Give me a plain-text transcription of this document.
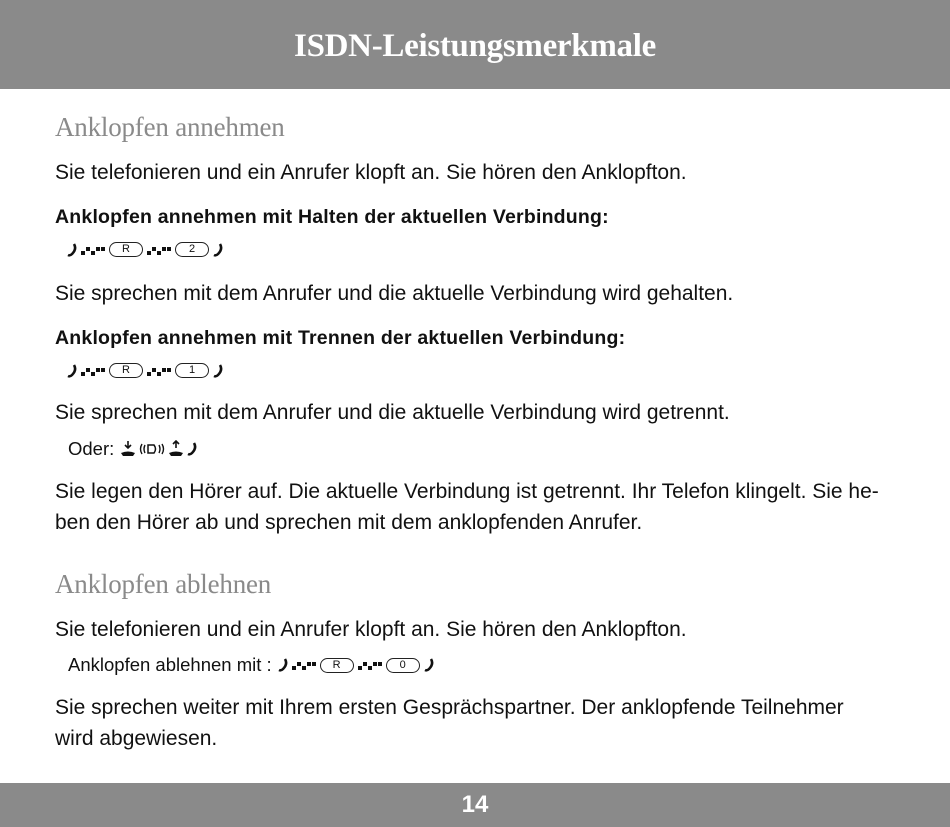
ISDN-Leistungsmerkmale
Anklopfen annehmen
Sie telefonieren und ein Anrufer klopft an. Sie hören den Anklopfton.
Anklopfen annehmen mit Halten der aktuellen Verbindung:
R	2
Sie sprechen mit dem Anrufer und die aktuelle Verbindung wird gehalten.
Anklopfen annehmen mit Trennen der aktuellen Verbindung:
R	1
Sie sprechen mit dem Anrufer und die aktuelle Verbindung wird getrennt.
Oder:
Sie legen den Hörer auf. Die aktuelle Verbindung ist getrennt. Ihr Telefon klingelt. Sie he-
ben den Hörer ab und sprechen mit dem anklopfenden Anrufer.
Anklopfen ablehnen
Sie telefonieren und ein Anrufer klopft an. Sie hören den Anklopfton.
Anklopfen ablehnen mit :	R	0
Sie sprechen weiter mit Ihrem ersten Gesprächspartner. Der anklopfende Teilnehmer
wird abgewiesen.
14
